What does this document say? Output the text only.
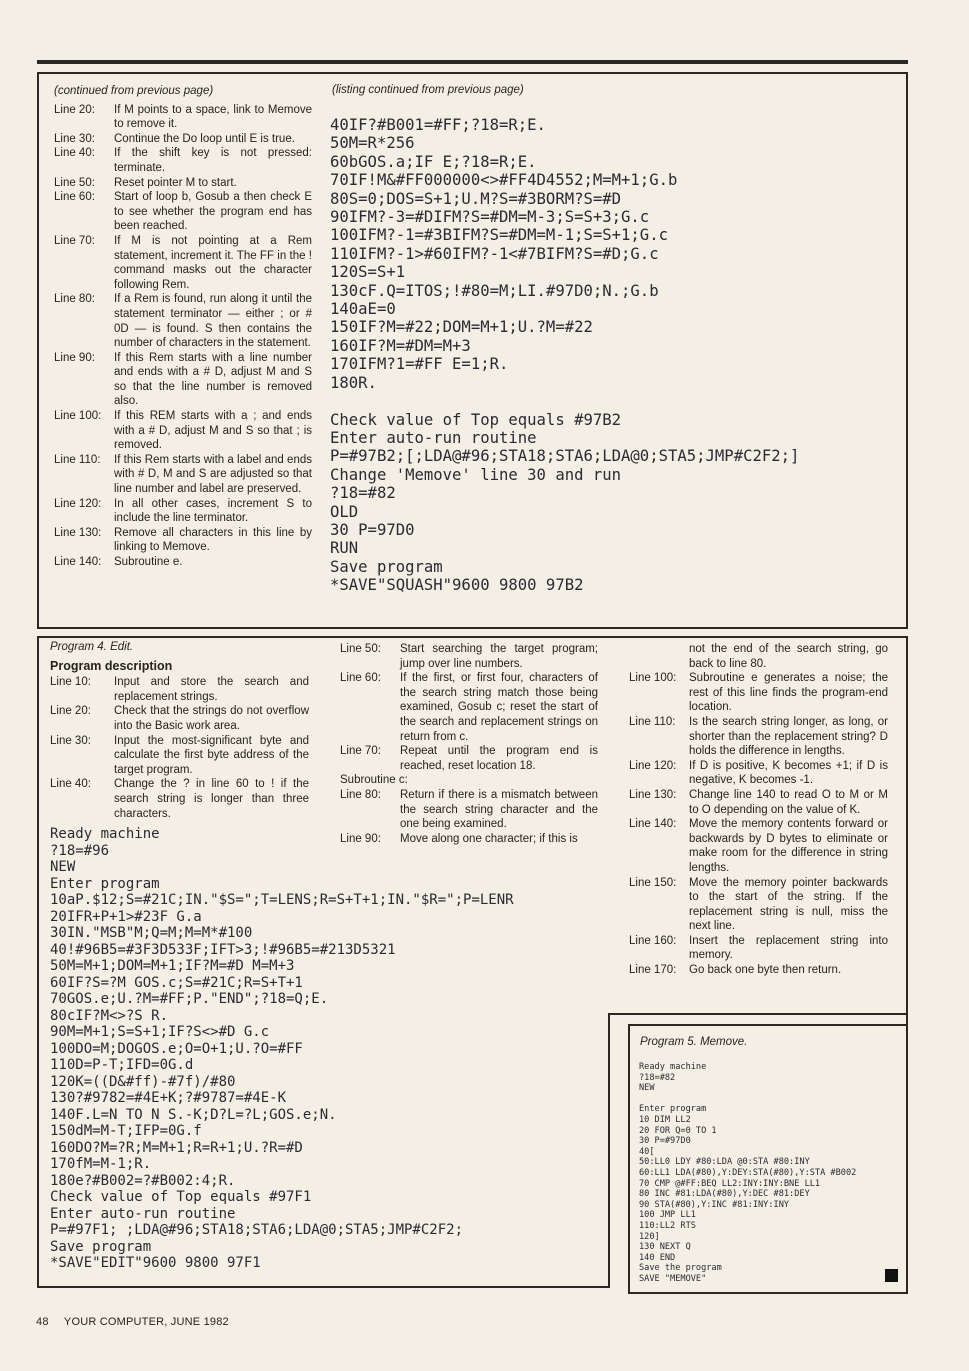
(continued from previous page)
Line 20:	If M points to a space, link to Memove to remove it.
Line 30:	Continue the Do loop until E is true.
Line 40:	If the shift key is not pressed: terminate.
Line 50:	Reset pointer M to start.
Line 60:	Start of loop b, Gosub a then check E to see whether the program end has been reached.
Line 70:	If M is not pointing at a Rem statement, increment it. The FF in the ! command masks out the character following Rem.
Line 80:	If a Rem is found, run along it until the statement terminator — either ; or # 0D — is found. S then contains the number of characters in the statement.
Line 90:	If this Rem starts with a line number and ends with a # D, adjust M and S so that the line number is removed also.
Line 100:	If this REM starts with a ; and ends with a # D, adjust M and S so that ; is removed.
Line 110:	If this Rem starts with a label and ends with # D, M and S are adjusted so that line number and label are preserved.
Line 120:	In all other cases, increment S to include the line terminator.
Line 130:	Remove all characters in this line by linking to Memove.
Line 140:	Subroutine e.
(listing continued from previous page)
40IF?#B001=#FF;?18=R;E.
50M=R*256
60bGOS.a;IF E;?18=R;E.
70IF!M&#FF000000<>#FF4D4552;M=M+1;G.b
80S=0;DOS=S+1;U.M?S=#3BORM?S=#D
90IFM?-3=#DIFM?S=#DM=M-3;S=S+3;G.c
100IFM?-1=#3BIFM?S=#DM=M-1;S=S+1;G.c
110IFM?-1>#60IFM?-1<#7BIFM?S=#D;G.c
120S=S+1
130cF.Q=ITOS;!#80=M;LI.#97D0;N.;G.b
140aE=0
150IF?M=#22;DOM=M+1;U.?M=#22
160IF?M=#DM=M+3
170IFM?1=#FF E=1;R.
180R.

Check value of Top equals #97B2
Enter auto-run routine
P=#97B2;[;LDA@#96;STA18;STA6;LDA@0;STA5;JMP#C2F2;]
Change 'Memove' line 30 and run
?18=#82
OLD
30 P=97D0
RUN
Save program
*SAVE"SQUASH"9600 9800 97B2
Program 4. Edit.
Program description
Line 10:	Input and store the search and replacement strings.
Line 20:	Check that the strings do not overflow into the Basic work area.
Line 30:	Input the most-significant byte and calculate the first byte address of the target program.
Line 40:	Change the ? in line 60 to ! if the search string is longer than three characters.
Line 50:	Start searching the target program; jump over line numbers.
Line 60:	If the first, or first four, characters of the search string match those being examined, Gosub c; reset the start of the search and replacement strings on return from c.
Line 70:	Repeat until the program end is reached, reset location 18.
Subroutine c:
Line 80:	Return if there is a mismatch between the search string character and the one being examined.
Line 90:	Move along one character; if this is
not the end of the search string, go back to line 80.
Line 100:	Subroutine e generates a noise; the rest of this line finds the program-end location.
Line 110:	Is the search string longer, as long, or shorter than the replacement string? D holds the difference in lengths.
Line 120:	If D is positive, K becomes +1; if D is negative, K becomes -1.
Line 130:	Change line 140 to read O to M or M to O depending on the value of K.
Line 140:	Move the memory contents forward or backwards by D bytes to eliminate or make room for the difference in string lengths.
Line 150:	Move the memory pointer backwards to the start of the string. If the replacement string is null, miss the next line.
Line 160:	Insert the replacement string into memory.
Line 170:	Go back one byte then return.
Ready machine
?18=#96
NEW
Enter program
10aP.$12;S=#21C;IN."$S=";T=LENS;R=S+T+1;IN."$R=";P=LENR
20IFR+P+1>#23F G.a
30IN."MSB"M;Q=M;M=M*#100
40!#96B5=#3F3D533F;IFT>3;!#96B5=#213D5321
50M=M+1;DOM=M+1;IF?M=#D M=M+3
60IF?S=?M GOS.c;S=#21C;R=S+T+1
70GOS.e;U.?M=#FF;P."END";?18=Q;E.
80cIF?M<>?S R.
90M=M+1;S=S+1;IF?S<>#D G.c
100DO=M;DOGOS.e;O=O+1;U.?O=#FF
110D=P-T;IFD=0G.d
120K=((D&#ff)-#7f)/#80
130?#9782=#4E+K;?#9787=#4E-K
140F.L=N TO N S.-K;D?L=?L;GOS.e;N.
150dM=M-T;IFP=0G.f
160DO?M=?R;M=M+1;R=R+1;U.?R=#D
170fM=M-1;R.
180e?#B002=?#B002:4;R.
Check value of Top equals #97F1
Enter auto-run routine
P=#97F1; ;LDA@#96;STA18;STA6;LDA@0;STA5;JMP#C2F2;
Save program
*SAVE"EDIT"9600 9800 97F1
Program 5. Memove.
Ready machine
?18=#82
NEW

Enter program
10 DIM LL2
20 FOR Q=0 TO 1
30 P=#97D0
40[
50:LL0 LDY #80:LDA @0:STA #80:INY
60:LL1 LDA(#80),Y:DEY:STA(#80),Y:STA #B002
70 CMP @#FF:BEQ LL2:INY:INY:BNE LL1
80 INC #81:LDA(#80),Y:DEC #81:DEY
90 STA(#80),Y:INC #81:INY:INY
100 JMP LL1
110:LL2 RTS
120]
130 NEXT Q
140 END
Save the program
SAVE "MEMOVE"
48 YOUR COMPUTER, JUNE 1982
